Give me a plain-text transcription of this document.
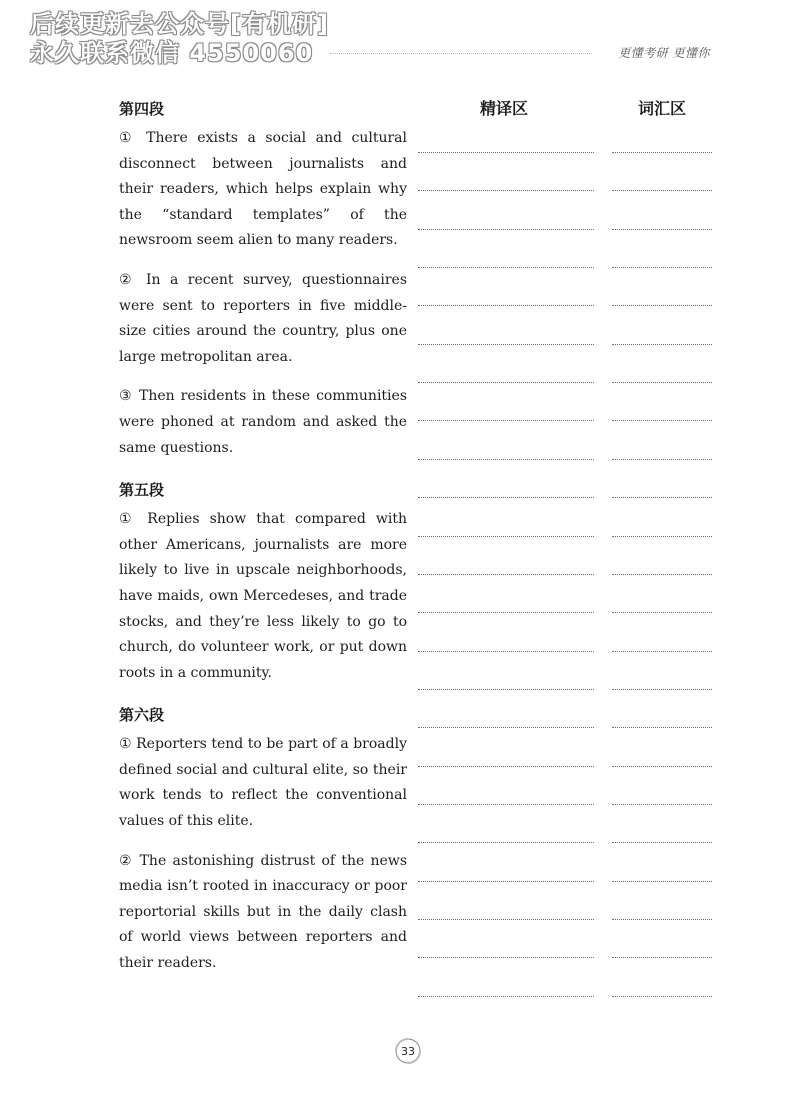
后续更新去公众号[有机研]
永久联系微信 4550060	更懂考研 更懂你
精译区	词汇区
第四段

① There exists a social and cultural disconnect between journalists and their readers, which helps explain why the “standard templates” of the newsroom seem alien to many readers.

② In a recent survey, questionnaires were sent to reporters in five middle-size cities around the country, plus one large metropolitan area.

③ Then residents in these communities were phoned at random and asked the same questions.

第五段

① Replies show that compared with other Americans, journalists are more likely to live in upscale neighborhoods, have maids, own Mercedeses, and trade stocks, and they’re less likely to go to church, do volunteer work, or put down roots in a community.

第六段

① Reporters tend to be part of a broadly defined social and cultural elite, so their work tends to reflect the conventional values of this elite.

② The astonishing distrust of the news media isn’t rooted in inaccuracy or poor reportorial skills but in the daily clash of world views between reporters and their readers.

33
